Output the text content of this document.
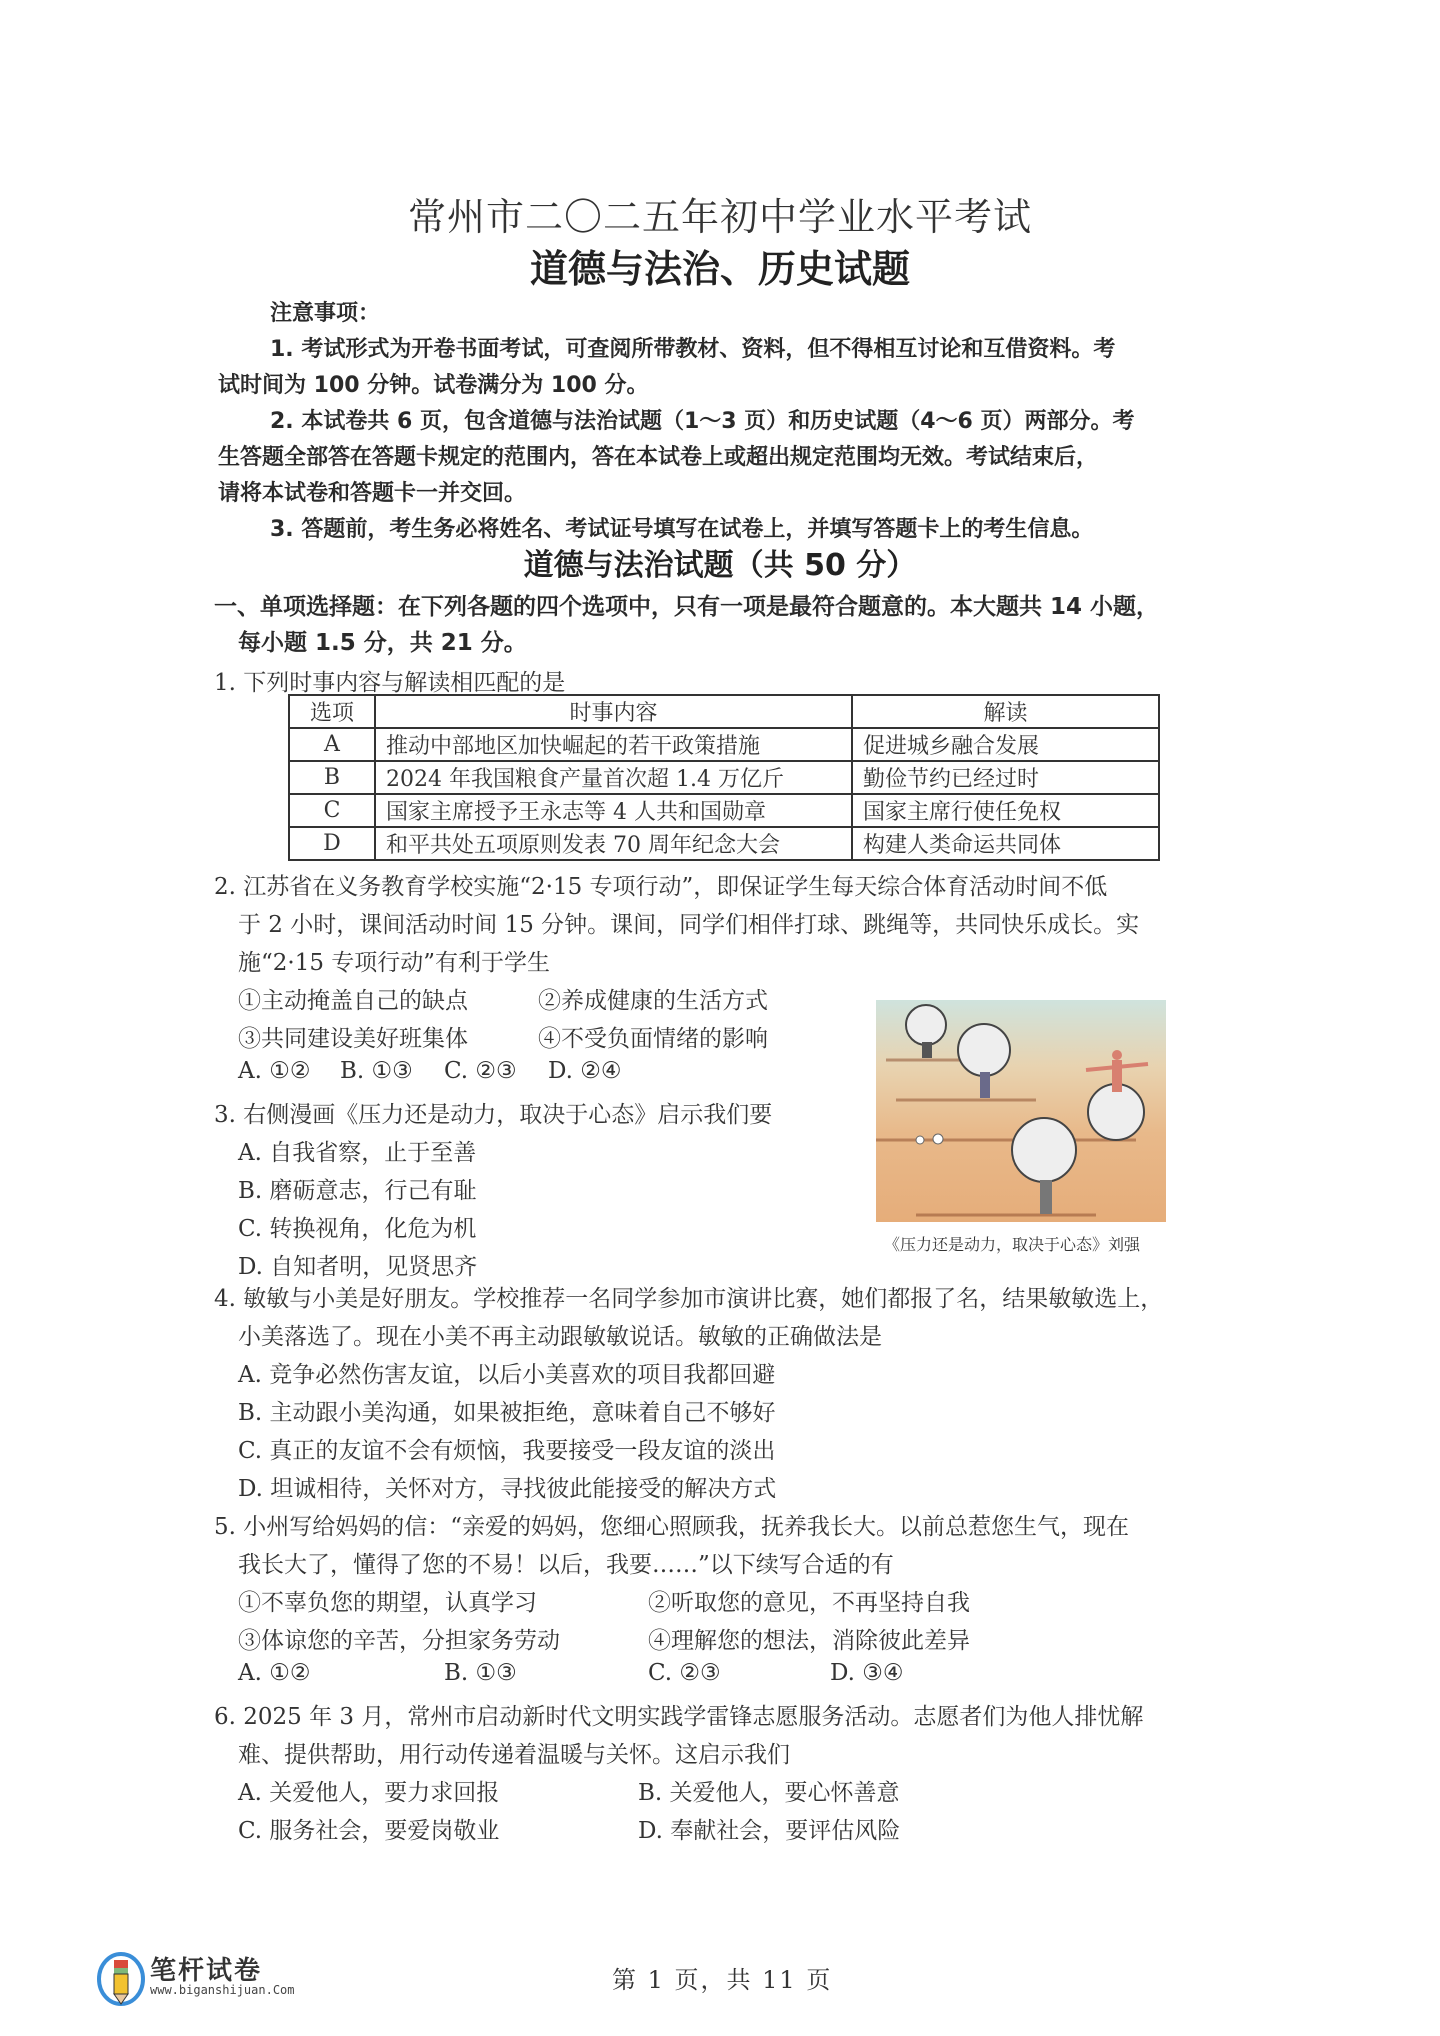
常州市二〇二五年初中学业水平考试
道德与法治、历史试题
注意事项：
1. 考试形式为开卷书面考试，可查阅所带教材、资料，但不得相互讨论和互借资料。考
试时间为 100 分钟。试卷满分为 100 分。
2. 本试卷共 6 页，包含道德与法治试题（1～3 页）和历史试题（4～6 页）两部分。考
生答题全部答在答题卡规定的范围内，答在本试卷上或超出规定范围均无效。考试结束后，
请将本试卷和答题卡一并交回。
3. 答题前，考生务必将姓名、考试证号填写在试卷上，并填写答题卡上的考生信息。
道德与法治试题（共 50 分）
一、单项选择题：在下列各题的四个选项中，只有一项是最符合题意的。本大题共 14 小题，
每小题 1.5 分，共 21 分。
1. 下列时事内容与解读相匹配的是
选项	时事内容	解读
A	推动中部地区加快崛起的若干政策措施	促进城乡融合发展
B	2024 年我国粮食产量首次超 1.4 万亿斤	勤俭节约已经过时
C	国家主席授予王永志等 4 人共和国勋章	国家主席行使任免权
D	和平共处五项原则发表 70 周年纪念大会	构建人类命运共同体
2. 江苏省在义务教育学校实施“2·15 专项行动”，即保证学生每天综合体育活动时间不低
于 2 小时，课间活动时间 15 分钟。课间，同学们相伴打球、跳绳等，共同快乐成长。实
施“2·15 专项行动”有利于学生
①主动掩盖自己的缺点	②养成健康的生活方式
③共同建设美好班集体	④不受负面情绪的影响
A. ①② B. ①③ C. ②③ D. ②④
3. 右侧漫画《压力还是动力，取决于心态》启示我们要
A. 自我省察，止于至善
B. 磨砺意志，行己有耻
C. 转换视角，化危为机
D. 自知者明，见贤思齐
《压力还是动力，取决于心态》刘强
4. 敏敏与小美是好朋友。学校推荐一名同学参加市演讲比赛，她们都报了名，结果敏敏选上，
小美落选了。现在小美不再主动跟敏敏说话。敏敏的正确做法是
A. 竞争必然伤害友谊，以后小美喜欢的项目我都回避
B. 主动跟小美沟通，如果被拒绝，意味着自己不够好
C. 真正的友谊不会有烦恼，我要接受一段友谊的淡出
D. 坦诚相待，关怀对方，寻找彼此能接受的解决方式
5. 小州写给妈妈的信：“亲爱的妈妈，您细心照顾我，抚养我长大。以前总惹您生气，现在
我长大了，懂得了您的不易！以后，我要……”以下续写合适的有
①不辜负您的期望，认真学习	②听取您的意见，不再坚持自我
③体谅您的辛苦，分担家务劳动	④理解您的想法，消除彼此差异
A. ①②	B. ①③	C. ②③	D. ③④
6. 2025 年 3 月，常州市启动新时代文明实践学雷锋志愿服务活动。志愿者们为他人排忧解
难、提供帮助，用行动传递着温暖与关怀。这启示我们
A. 关爱他人，要力求回报	B. 关爱他人，要心怀善意
C. 服务社会，要爱岗敬业	D. 奉献社会，要评估风险
笔杆试卷
www.biganshijuan.Com	第 1 页，共 11 页
